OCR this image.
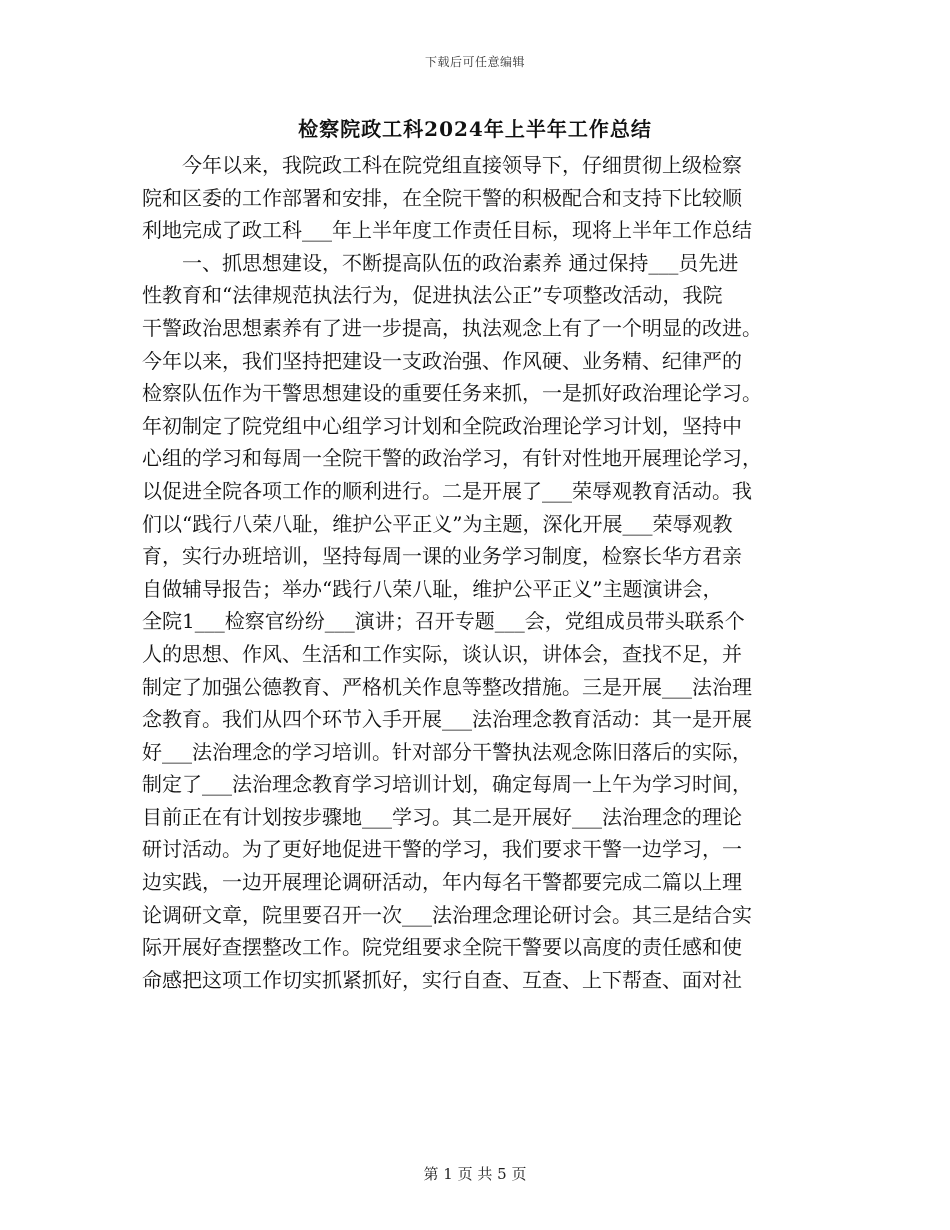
下载后可任意编辑
检察院政工科2024年上半年工作总结
今年以来，我院政工科在院党组直接领导下，仔细贯彻上级检察
院和区委的工作部署和安排，在全院干警的积极配合和支持下比较顺
利地完成了政工科___年上半年度工作责任目标，现将上半年工作总结
一、抓思想建设，不断提高队伍的政治素养 通过保持___员先进
性教育和“法律规范执法行为，促进执法公正”专项整改活动，我院
干警政治思想素养有了进一步提高，执法观念上有了一个明显的改进。
今年以来，我们坚持把建设一支政治强、作风硬、业务精、纪律严的
检察队伍作为干警思想建设的重要任务来抓，一是抓好政治理论学习。
年初制定了院党组中心组学习计划和全院政治理论学习计划，坚持中
心组的学习和每周一全院干警的政治学习，有针对性地开展理论学习，
以促进全院各项工作的顺利进行。二是开展了___荣辱观教育活动。我
们以“践行八荣八耻，维护公平正义”为主题，深化开展___荣辱观教
育，实行办班培训，坚持每周一课的业务学习制度，检察长华方君亲
自做辅导报告；举办“践行八荣八耻，维护公平正义”主题演讲会，
全院1___检察官纷纷___演讲；召开专题___会，党组成员带头联系个
人的思想、作风、生活和工作实际，谈认识，讲体会，查找不足，并
制定了加强公德教育、严格机关作息等整改措施。三是开展___法治理
念教育。我们从四个环节入手开展___法治理念教育活动：其一是开展
好___法治理念的学习培训。针对部分干警执法观念陈旧落后的实际，
制定了___法治理念教育学习培训计划，确定每周一上午为学习时间，
目前正在有计划按步骤地___学习。其二是开展好___法治理念的理论
研讨活动。为了更好地促进干警的学习，我们要求干警一边学习，一
边实践，一边开展理论调研活动，年内每名干警都要完成二篇以上理
论调研文章，院里要召开一次___法治理念理论研讨会。其三是结合实
际开展好查摆整改工作。院党组要求全院干警要以高度的责任感和使
命感把这项工作切实抓紧抓好，实行自查、互查、上下帮查、面对社
第 1 页 共 5 页
